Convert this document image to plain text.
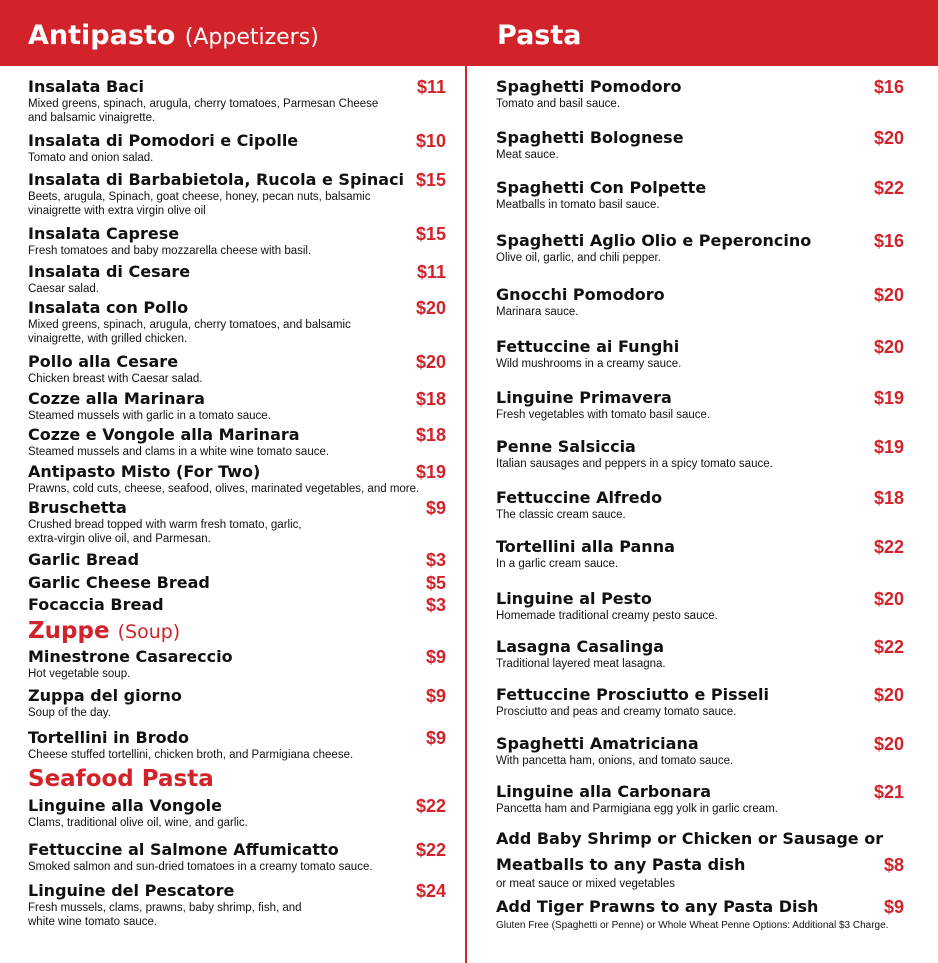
Antipasto (Appetizers)	Pasta
Insalata Baci	$11
Mixed greens, spinach, arugula, cherry tomatoes, Parmesan Cheese
and balsamic vinaigrette.
Insalata di Pomodori e Cipolle	$10
Tomato and onion salad.
Insalata di Barbabietola, Rucola e Spinaci $15
Beets, arugula, Spinach, goat cheese, honey, pecan nuts, balsamic
vinaigrette with extra virgin olive oil
Insalata Caprese	$15
Fresh tomatoes and baby mozzarella cheese with basil.
Insalata di Cesare	$11
Caesar salad.
Insalata con Pollo	$20
Mixed greens, spinach, arugula, cherry tomatoes, and balsamic
vinaigrette, with grilled chicken.
Pollo alla Cesare	$20
Chicken breast with Caesar salad.
Cozze alla Marinara	$18
Steamed mussels with garlic in a tomato sauce.
Cozze e Vongole alla Marinara	$18
Steamed mussels and clams in a white wine tomato sauce.
Antipasto Misto (For Two)	$19
Prawns, cold cuts, cheese, seafood, olives, marinated vegetables, and more.
Bruschetta	$9
Crushed bread topped with warm fresh tomato, garlic,
extra-virgin olive oil, and Parmesan.
Garlic Bread	$3
Garlic Cheese Bread	$5
Focaccia Bread	$3
Zuppe (Soup)
Minestrone Casareccio	$9
Hot vegetable soup.
Zuppa del giorno	$9
Soup of the day.
Tortellini in Brodo	$9
Cheese stuffed tortellini, chicken broth, and Parmigiana cheese.
Seafood Pasta
Linguine alla Vongole	$22
Clams, traditional olive oil, wine, and garlic.
Fettuccine al Salmone Affumicatto	$22
Smoked salmon and sun-dried tomatoes in a creamy tomato sauce.
Linguine del Pescatore	$24
Fresh mussels, clams, prawns, baby shrimp, fish, and
white wine tomato sauce.
Spaghetti Pomodoro	$16
Tomato and basil sauce.
Spaghetti Bolognese	$20
Meat sauce.
Spaghetti Con Polpette	$22
Meatballs in tomato basil sauce.
Spaghetti Aglio Olio e Peperoncino	$16
Olive oil, garlic, and chili pepper.
Gnocchi Pomodoro	$20
Marinara sauce.
Fettuccine ai Funghi	$20
Wild mushrooms in a creamy sauce.
Linguine Primavera	$19
Fresh vegetables with tomato basil sauce.
Penne Salsiccia	$19
Italian sausages and peppers in a spicy tomato sauce.
Fettuccine Alfredo	$18
The classic cream sauce.
Tortellini alla Panna	$22
In a garlic cream sauce.
Linguine al Pesto	$20
Homemade traditional creamy pesto sauce.
Lasagna Casalinga	$22
Traditional layered meat lasagna.
Fettuccine Prosciutto e Pisseli	$20
Prosciutto and peas and creamy tomato sauce.
Spaghetti Amatriciana	$20
With pancetta ham, onions, and tomato sauce.
Linguine alla Carbonara	$21
Pancetta ham and Parmigiana egg yolk in garlic cream.
Add Baby Shrimp or Chicken or Sausage or
Meatballs to any Pasta dish	$8
or meat sauce or mixed vegetables
Add Tiger Prawns to any Pasta Dish	$9
Gluten Free (Spaghetti or Penne) or Whole Wheat Penne Options: Additional $3 Charge.
